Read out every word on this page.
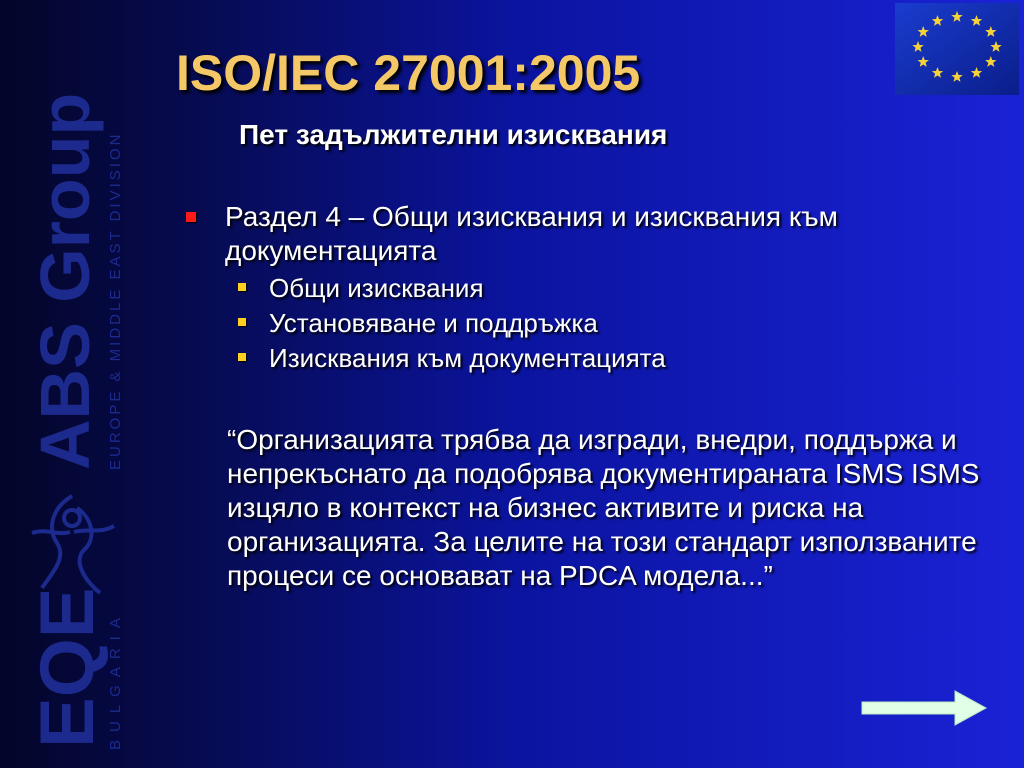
ABS Group EUROPE & MIDDLE EAST DIVISION
EQE
BULGARIA
ISO/IEC 27001:2005
Пет задължителни изисквания
Раздел 4 – Общи изисквания и изисквания към документацията
Общи изисквания
Установяване и поддръжка
Изисквания към документацията
“Организацията трябва да изгради, внедри, поддържа и непрекъснато да подобрява документираната ISMS ISMS изцяло в контекст на бизнес активите и риска на организацията. За целите на този стандарт използваните процеси се основават на PDCA модела...”
